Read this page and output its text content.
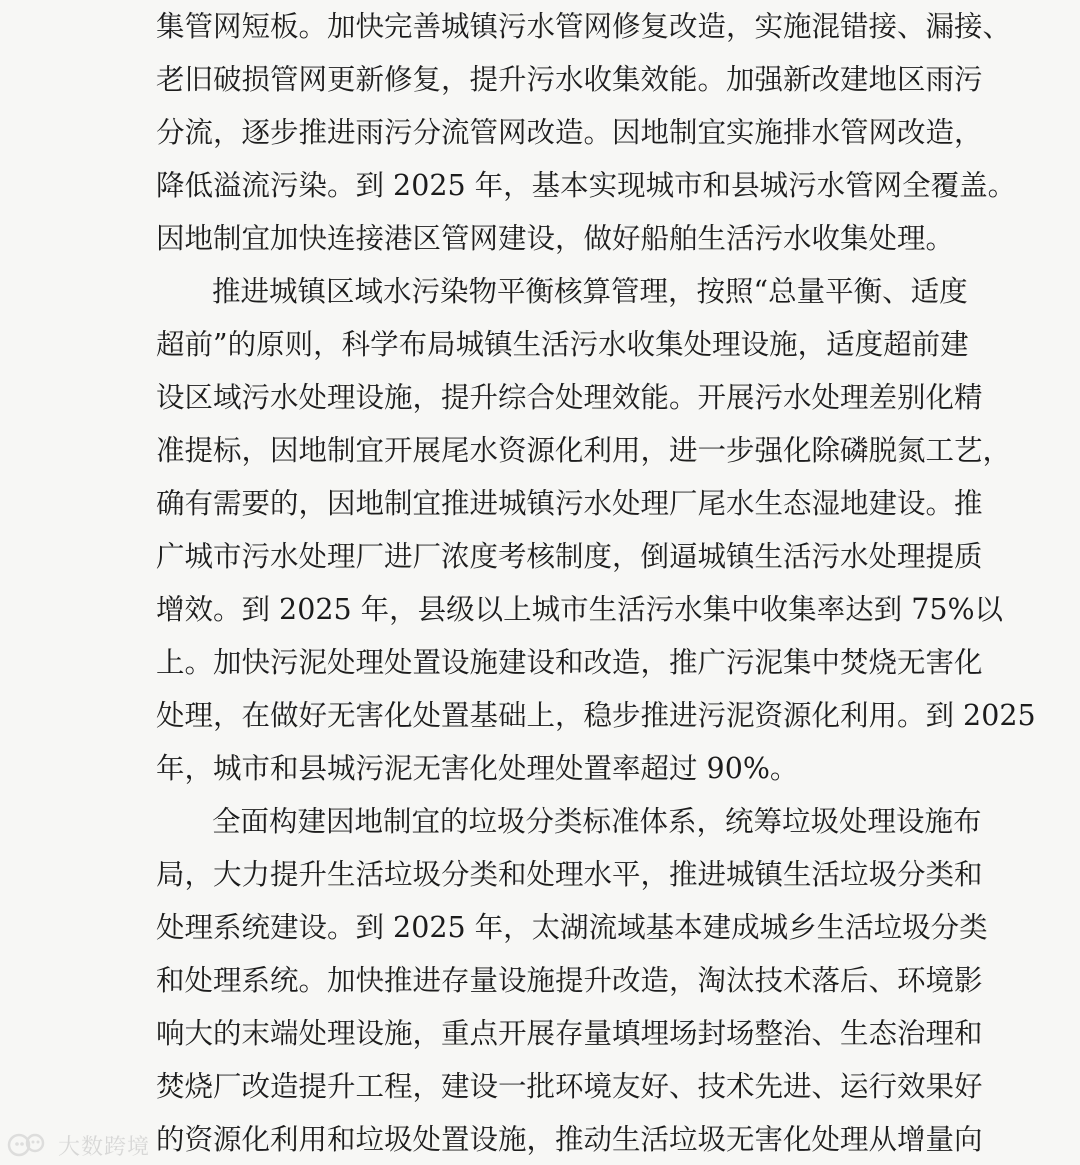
集管网短板。加快完善城镇污水管网修复改造，实施混错接、漏接、
老旧破损管网更新修复，提升污水收集效能。加强新改建地区雨污
分流，逐步推进雨污分流管网改造。因地制宜实施排水管网改造，
降低溢流污染。到 2025 年，基本实现城市和县城污水管网全覆盖。
因地制宜加快连接港区管网建设，做好船舶生活污水收集处理。
推进城镇区域水污染物平衡核算管理，按照“总量平衡、适度
超前”的原则，科学布局城镇生活污水收集处理设施，适度超前建
设区域污水处理设施，提升综合处理效能。开展污水处理差别化精
准提标，因地制宜开展尾水资源化利用，进一步强化除磷脱氮工艺，
确有需要的，因地制宜推进城镇污水处理厂尾水生态湿地建设。推
广城市污水处理厂进厂浓度考核制度，倒逼城镇生活污水处理提质
增效。到 2025 年，县级以上城市生活污水集中收集率达到 75%以
上。加快污泥处理处置设施建设和改造，推广污泥集中焚烧无害化
处理，在做好无害化处置基础上，稳步推进污泥资源化利用。到 2025
年，城市和县城污泥无害化处理处置率超过 90%。
全面构建因地制宜的垃圾分类标准体系，统筹垃圾处理设施布
局，大力提升生活垃圾分类和处理水平，推进城镇生活垃圾分类和
处理系统建设。到 2025 年，太湖流域基本建成城乡生活垃圾分类
和处理系统。加快推进存量设施提升改造，淘汰技术落后、环境影
响大的末端处理设施，重点开展存量填埋场封场整治、生态治理和
焚烧厂改造提升工程，建设一批环境友好、技术先进、运行效果好
的资源化利用和垃圾处置设施，推动生活垃圾无害化处理从增量向
大数跨境
